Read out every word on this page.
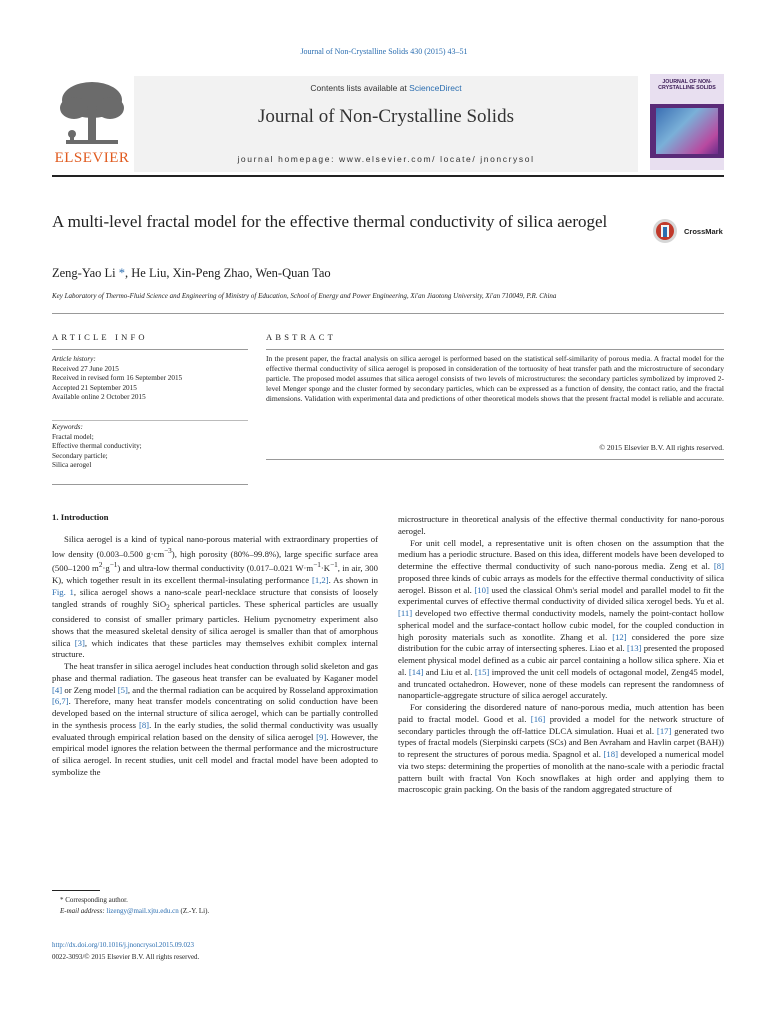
Journal of Non-Crystalline Solids 430 (2015) 43–51
ELSEVIER
Contents lists available at ScienceDirect
Journal of Non-Crystalline Solids
journal homepage: www.elsevier.com/ locate/ jnoncrysol
JOURNAL OF NON-CRYSTALLINE SOLIDS
A multi-level fractal model for the effective thermal conductivity of silica aerogel
CrossMark
Zeng-Yao Li *, He Liu, Xin-Peng Zhao, Wen-Quan Tao
Key Laboratory of Thermo-Fluid Science and Engineering of Ministry of Education, School of Energy and Power Engineering, Xi'an Jiaotong University, Xi'an 710049, P.R. China
ARTICLE INFO
Article history:
Received 27 June 2015
Received in revised form 16 September 2015
Accepted 21 September 2015
Available online 2 October 2015
Keywords:
Fractal model;
Effective thermal conductivity;
Secondary particle;
Silica aerogel
ABSTRACT
In the present paper, the fractal analysis on silica aerogel is performed based on the statistical self-similarity of porous media. A fractal model for the effective thermal conductivity of silica aerogel is proposed in consideration of the tortuosity of heat transfer path and the microstructure of secondary particle. The proposed model assumes that silica aerogel consists of two levels of microstructures: the secondary particles symbolized by improved 2-level Menger sponge and the cluster formed by secondary particles, which can be expressed as a function of density, the contact ratio, and the fractal dimensions. Validation with experimental data and predictions of other theoretical models shows that the present fractal model is reliable and accurate.
© 2015 Elsevier B.V. All rights reserved.
1. Introduction

Silica aerogel is a kind of typical nano-porous material with extraordinary properties of low density (0.003–0.500 $g\cdot cm^{-3}$), high porosity (80%–99.8%), large specific surface area (500–1200 $m^2\cdot g^{-1}$) and ultra-low thermal conductivity (0.017–0.021 $W\cdot m^{-1}\cdot K^{-1}$, in air, 300 K), which together result in its excellent thermal-insulating performance [1,2]. As shown in Fig. 1, silica aerogel shows a nano-scale pearl-necklace structure that consists of loosely tangled strands of roughly SiO$_2$ spherical particles. These spherical particles are usually considered to consist of smaller primary particles. Helium pycnometry experiment also shows that the measured skeletal density of silica aerogel is smaller than that of amorphous silica [3], which indicates that these particles may themselves exhibit complex internal structure.

The heat transfer in silica aerogel includes heat conduction through solid skeleton and gas phase and thermal radiation. The gaseous heat transfer can be evaluated by Kaganer model [4] or Zeng model [5], and the thermal radiation can be acquired by Rosseland approximation [6,7]. Therefore, many heat transfer models concentrating on solid conduction have been developed based on the internal structure of silica aerogel, which can be partially controlled in the synthesis process [8]. In the early studies, the solid thermal conductivity was usually evaluated through empirical relation based on the density of silica aerogel [9]. However, the empirical model ignores the relation between the thermal performance and the microstructure of silica aerogel. In recent studies, unit cell model and fractal model have been adopted to symbolize the

microstructure in theoretical analysis of the effective thermal conductivity for nano-porous aerogel.

For unit cell model, a representative unit is often chosen on the assumption that the medium has a periodic structure. Based on this idea, different models have been developed to determine the effective thermal conductivity of such nano-porous media. Zeng et al. [8] proposed three kinds of cubic arrays as models for the effective thermal conductivity of silica aerogel. Bisson et al. [10] used the classical Ohm's serial model and parallel model to fit the experimental curves of effective thermal conductivity of divided silica xerogel beds. Yu et al. [11] developed two effective thermal conductivity models, namely the point-contact hollow spherical model and the surface-contact hollow cubic model, for the coupled conduction in high porosity materials such as xonotlite. Zhang et al. [12] considered the pore size distribution for the cubic array of intersecting spheres. Liao et al. [13] presented the proposed element physical model defined as a cubic air parcel containing a hollow silica sphere. Xia et al. [14] and Liu et al. [15] improved the unit cell models of octagonal model, Zeng45 model, and truncated octahedron. However, none of these models can represent the randomness of nanoparticle-aggregate structure of silica aerogel accurately.

For considering the disordered nature of nano-porous media, much attention has been paid to fractal model. Good et al. [16] provided a model for the network structure of secondary particles through the off-lattice DLCA simulation. Huai et al. [17] generated two types of fractal models (Sierpinski carpets (SCs) and Ben Avraham and Havlin carpet (BAH)) to represent the structures of porous media. Spagnol et al. [18] developed a numerical model via two steps: determining the properties of monolith at the nano-scale with a periodic fractal pattern built with fractal Von Koch snowflakes at high order and applying them to macroscopic grain packing. On the basis of the random aggregated structure of

* Corresponding author.
E-mail address: lizengy@mail.xjtu.edu.cn (Z.-Y. Li).
http://dx.doi.org/10.1016/j.jnoncrysol.2015.09.023
0022-3093/© 2015 Elsevier B.V. All rights reserved.
